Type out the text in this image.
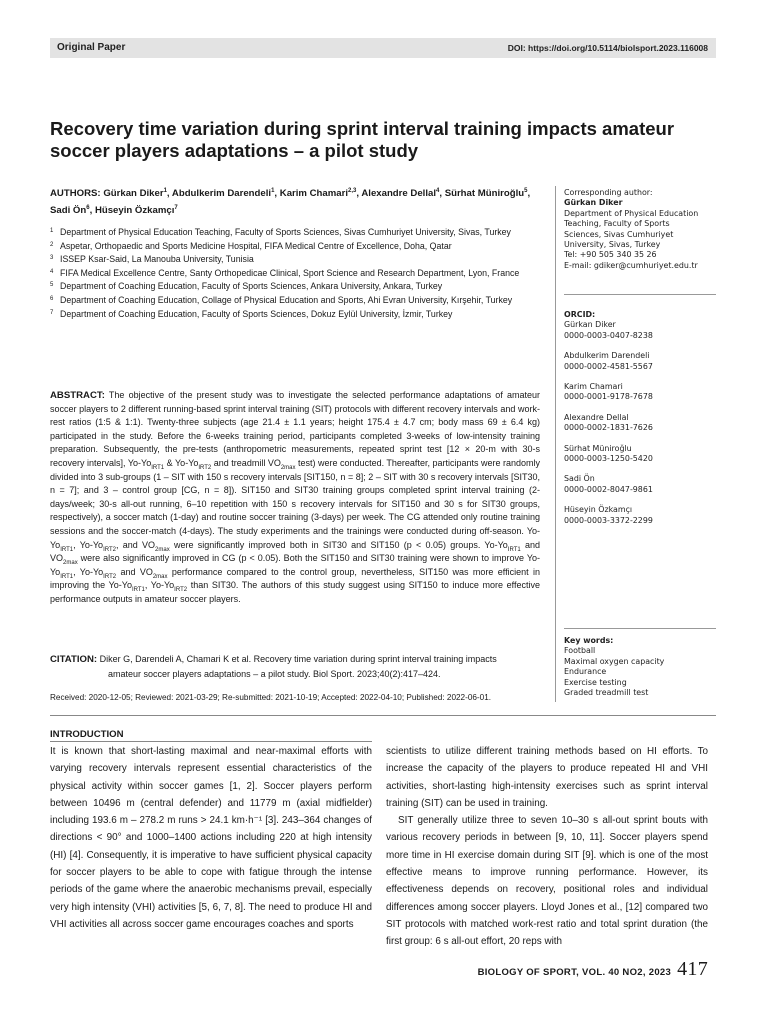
Original Paper	DOI: https://doi.org/10.5114/biolsport.2023.116008
Recovery time variation during sprint interval training impacts amateur soccer players adaptations – a pilot study
AUTHORS: Gürkan Diker$^1$, Abdulkerim Darendeli$^1$, Karim Chamari$^{2,3}$, Alexandre Dellal$^4$, Sürhat Müniroğlu$^5$, Sadi $Ön^6$, Hüseyin Özkamçı$^7$
1 Department of Physical Education Teaching, Faculty of Sports Sciences, Sivas Cumhuriyet University, Sivas, Turkey
2 Aspetar, Orthopaedic and Sports Medicine Hospital, FIFA Medical Centre of Excellence, Doha, Qatar
3 ISSEP Ksar-Said, La Manouba University, Tunisia
4 FIFA Medical Excellence Centre, Santy Orthopedicae Clinical, Sport Science and Research Department, Lyon, France
5 Department of Coaching Education, Faculty of Sports Sciences, Ankara University, Ankara, Turkey
6 Department of Coaching Education, Collage of Physical Education and Sports, Ahi Evran University, Kırşehir, Turkey
7 Department of Coaching Education, Faculty of Sports Sciences, Dokuz Eylül University, İzmir, Turkey
Corresponding author:
Gürkan Diker
Department of Physical Education
Teaching, Faculty of Sports
Sciences, Sivas Cumhuriyet
University, Sivas, Turkey
Tel: +90 505 340 35 26
E-mail: gdiker@cumhuriyet.edu.tr
ORCID:
Gürkan Diker
0000-0003-0407-8238
Abdulkerim Darendeli
0000-0002-4581-5567
Karim Chamari
0000-0001-9178-7678
Alexandre Dellal
0000-0002-1831-7626
Sürhat Müniroğlu
0000-0003-1250-5420
Sadi Ön
0000-0002-8047-9861
Hüseyin Özkamçı
0000-0003-3372-2299
Key words:
Football
Maximal oxygen capacity
Endurance
Exercise testing
Graded treadmill test
ABSTRACT: The objective of the present study was to investigate the selected performance adaptations of amateur soccer players to 2 different running-based sprint interval training (SIT) protocols with different recovery intervals and work-rest ratios (1:5 & 1:1). Twenty-three subjects (age 21.4 ± 1.1 years; height 175.4 ± 4.7 cm; body mass 69 ± 6.4 kg) participated in the study. Before the 6-weeks training period, participants completed 3-weeks of low-intensity training preparation. Subsequently, the pre-tests (anthropometric measurements, repeated sprint test [12 × 20-m with 30-s recovery intervals], $Yo-Yo_{IRT1}$ & $Yo-Yo_{IRT2}$ and treadmill $VO_{2max}$ test) were conducted. Thereafter, participants were randomly divided into 3 sub-groups (1 – SIT with 150 s recovery intervals [SIT150, n = 8]; 2 – SIT with 30 s recovery intervals [SIT30, n = 7]; and 3 – control group [CG, n = 8]). SIT150 and SIT30 training groups completed sprint interval training (2-days/week; 30-s all-out running, 6–10 repetition with 150 s recovery intervals for SIT150 and 30 s for SIT30 groups, respectively), a soccer match (1-day) and routine soccer training (3-days) per week. The CG attended only routine training sessions and the soccer-match (4-days). The study experiments and the trainings were conducted during off-season. $Yo-Yo_{IRT1}$, $Yo-Yo_{IRT2}$, and $VO_{2max}$ were significantly improved both in SIT30 and SIT150 (p < 0.05) groups. $Yo-Yo_{IRT1}$ and $VO_{2max}$ were also significantly improved in CG (p < 0.05). Both the SIT150 and SIT30 training were shown to improve $Yo-Yo_{IRT1}$, $Yo-Yo_{IRT2}$ and $VO_{2max}$ performance compared to the control group, nevertheless, SIT150 was more efficient in improving the $Yo-Yo_{IRT1}$, $Yo-Yo_{IRT2}$ than SIT30. The authors of this study suggest using SIT150 to induce more effective performance outputs in amateur soccer players.
CITATION: Diker G, Darendeli A, Chamari K et al. Recovery time variation during sprint interval training impacts
amateur soccer players adaptations – a pilot study. Biol Sport. 2023;40(2):417–424.
Received: 2020-12-05; Reviewed: 2021-03-29; Re-submitted: 2021-10-19; Accepted: 2022-04-10; Published: 2022-06-01.
INTRODUCTION

It is known that short-lasting maximal and near-maximal efforts with varying recovery intervals represent essential characteristics of the physical activity within soccer games [1, 2]. Soccer players perform between 10496 m (central defender) and 11779 m (axial midfielder) including 193.6 m – 278.2 m runs > 24.1 km·h⁻¹ [3]. 243–364 changes of directions < 90° and 1000–1400 actions including 220 at high intensity (HI) [4]. Consequently, it is imperative to have sufficient physical capacity for soccer players to be able to cope with fatigue through the intense periods of the game where the anaerobic mechanisms prevail, especially very high intensity (VHI) activities [5, 6, 7, 8]. The need to produce HI and VHI activities all across soccer game encourages coaches and sports

scientists to utilize different training methods based on HI efforts. To increase the capacity of the players to produce repeated HI and VHI activities, short-lasting high-intensity exercises such as sprint interval training (SIT) can be used in training.

SIT generally utilize three to seven 10–30 s all-out sprint bouts with various recovery periods in between [9, 10, 11]. Soccer players spend more time in HI exercise domain during SIT [9]. which is one of the most effective means to improve running performance. However, its effectiveness depends on recovery, positional roles and individual differences among soccer players. Lloyd Jones et al., [12] compared two SIT protocols with matched work-rest ratio and total sprint duration (the first group: 6 s all-out effort, 20 reps with

BIOLOGY OF SPORT, VOL. 40 NO2, 2023 417
